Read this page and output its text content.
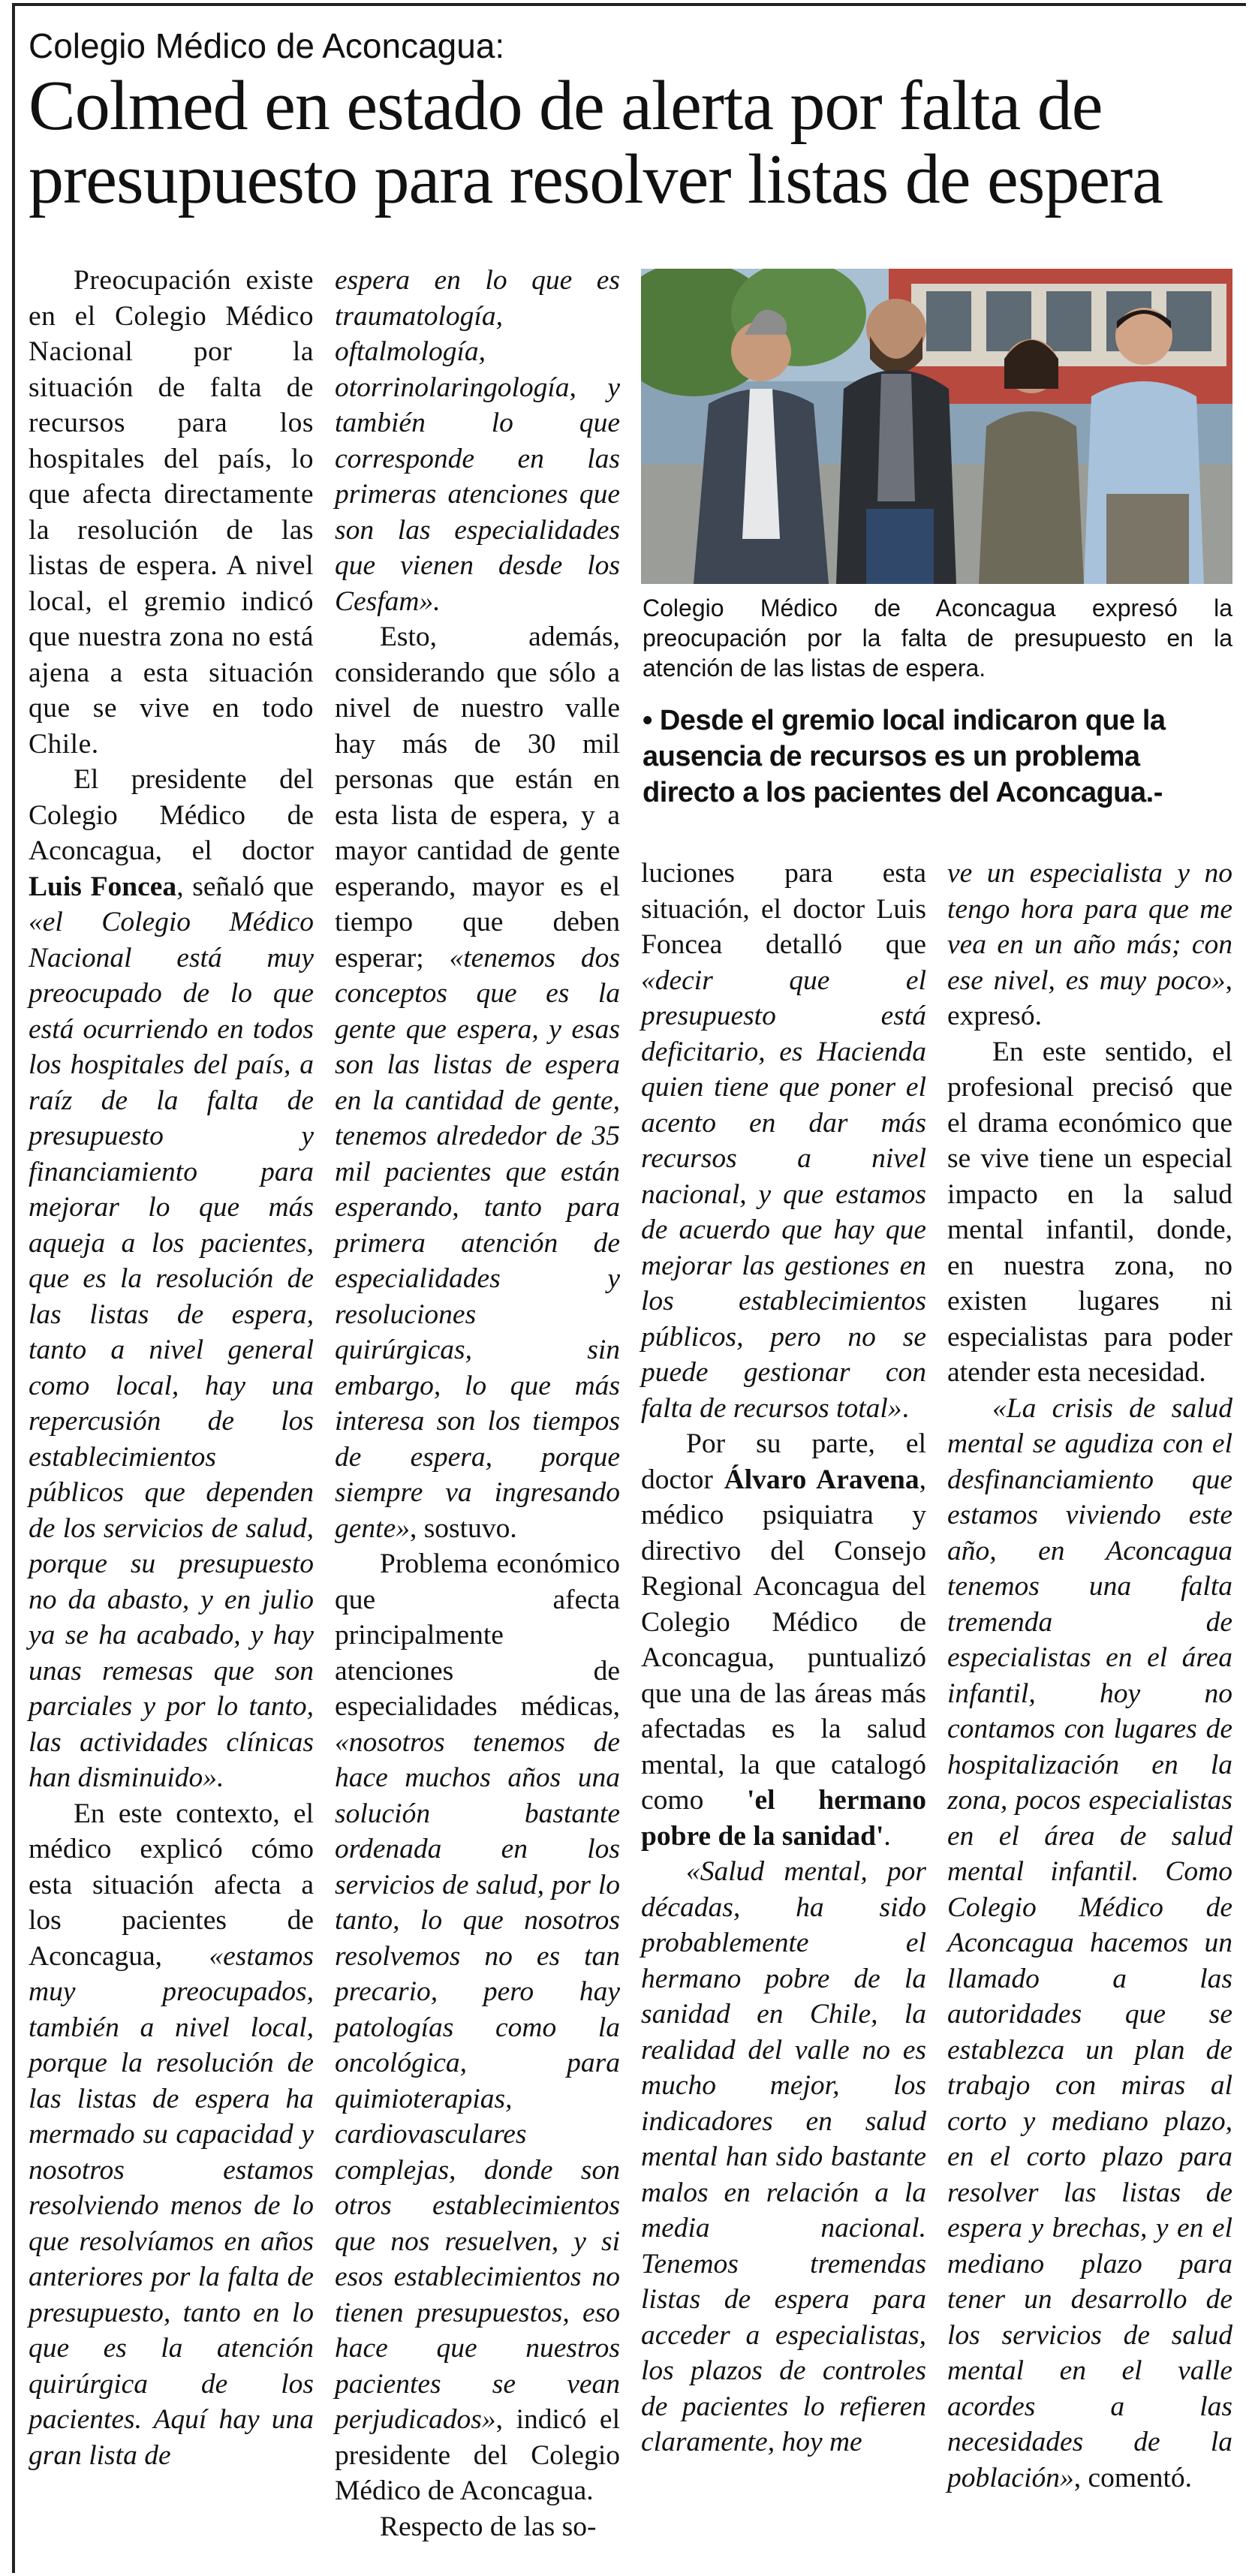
Colegio Médico de Aconcagua:
Colmed en estado de alerta por falta de presupuesto para resolver listas de espera

Preocupación existe en el Colegio Médico Nacional por la situación de falta de recursos para los hospitales del país, lo que afecta directamente la resolución de las listas de espera. A nivel local, el gremio indicó que nuestra zona no está ajena a esta situación que se vive en todo Chile.

El presidente del Colegio Médico de Aconcagua, el doctor Luis Foncea, señaló que «el Colegio Médico Nacional está muy preocupado de lo que está ocurriendo en todos los hospitales del país, a raíz de la falta de presupuesto y financiamiento para mejorar lo que más aqueja a los pacientes, que es la resolución de las listas de espera, tanto a nivel general como local, hay una repercusión de los establecimientos públicos que dependen de los servicios de salud, porque su presupuesto no da abasto, y en julio ya se ha acabado, y hay unas remesas que son parciales y por lo tanto, las actividades clínicas han disminuido».

En este contexto, el médico explicó cómo esta situación afecta a los pacientes de Aconcagua, «estamos muy preocupados, también a nivel local, porque la resolución de las listas de espera ha mermado su capacidad y nosotros estamos resolviendo menos de lo que resolvíamos en años anteriores por la falta de presupuesto, tanto en lo que es la atención quirúrgica de los pacientes. Aquí hay una gran lista de

espera en lo que es traumatología, oftalmología, otorrinolaringología, y también lo que corresponde en las primeras atenciones que son las especialidades que vienen desde los Cesfam».

Esto, además, considerando que sólo a nivel de nuestro valle hay más de 30 mil personas que están en esta lista de espera, y a mayor cantidad de gente esperando, mayor es el tiempo que deben esperar; «tenemos dos conceptos que es la gente que espera, y esas son las listas de espera en la cantidad de gente, tenemos alrededor de 35 mil pacientes que están esperando, tanto para primera atención de especialidades y resoluciones quirúrgicas, sin embargo, lo que más interesa son los tiempos de espera, porque siempre va ingresando gente», sostuvo.

Problema económico que afecta principalmente atenciones de especialidades médicas, «nosotros tenemos de hace muchos años una solución bastante ordenada en los servicios de salud, por lo tanto, lo que nosotros resolvemos no es tan precario, pero hay patologías como la oncológica, para quimioterapias, cardiovasculares complejas, donde son otros establecimientos que nos resuelven, y si esos establecimientos no tienen presupuestos, eso hace que nuestros pacientes se vean perjudicados», indicó el presidente del Colegio Médico de Aconcagua.

Respecto de las so-

Colegio Médico de Aconcagua expresó la preocupación por la falta de presupuesto en la atención de las listas de espera.
• Desde el gremio local indicaron que la ausencia de recursos es un problema directo a los pacientes del Aconcagua.-

luciones para esta situación, el doctor Luis Foncea detalló que «decir que el presupuesto está deficitario, es Hacienda quien tiene que poner el acento en dar más recursos a nivel nacional, y que estamos de acuerdo que hay que mejorar las gestiones en los establecimientos públicos, pero no se puede gestionar con falta de recursos total».

Por su parte, el doctor Álvaro Aravena, médico psiquiatra y directivo del Consejo Regional Aconcagua del Colegio Médico de Aconcagua, puntualizó que una de las áreas más afectadas es la salud mental, la que catalogó como 'el hermano pobre de la sanidad'.

«Salud mental, por décadas, ha sido probablemente el hermano pobre de la sanidad en Chile, la realidad del valle no es mucho mejor, los indicadores en salud mental han sido bastante malos en relación a la media nacional. Tenemos tremendas listas de espera para acceder a especialistas, los plazos de controles de pacientes lo refieren claramente, hoy me

ve un especialista y no tengo hora para que me vea en un año más; con ese nivel, es muy poco», expresó.

En este sentido, el profesional precisó que el drama económico que se vive tiene un especial impacto en la salud mental infantil, donde, en nuestra zona, no existen lugares ni especialistas para poder atender esta necesidad.

«La crisis de salud mental se agudiza con el desfinanciamiento que estamos viviendo este año, en Aconcagua tenemos una falta tremenda de especialistas en el área infantil, hoy no contamos con lugares de hospitalización en la zona, pocos especialistas en el área de salud mental infantil. Como Colegio Médico de Aconcagua hacemos un llamado a las autoridades que se establezca un plan de trabajo con miras al corto y mediano plazo, en el corto plazo para resolver las listas de espera y brechas, y en el mediano plazo para tener un desarrollo de los servicios de salud mental en el valle acordes a las necesidades de la población», comentó.
